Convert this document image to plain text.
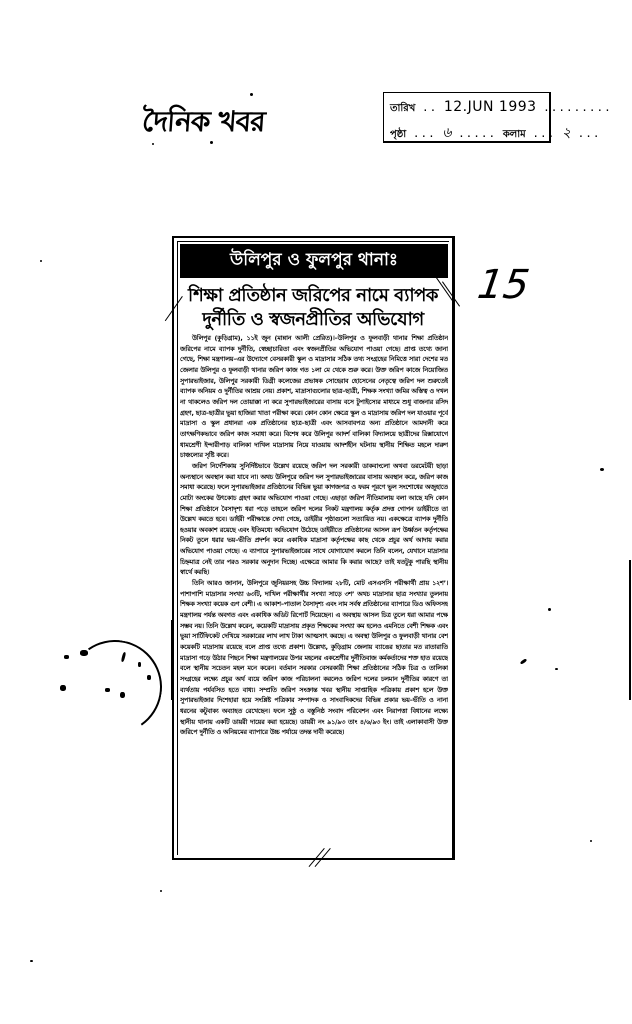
দৈনিক খবর	তারিখ .. 12.JUN 1993 .........
পৃষ্ঠা ... ৬ ..... কলাম ... ২ ...
15
উলিপুর ও ফুলপুর থানাঃ
শিক্ষা প্রতিষ্ঠান জরিপের নামে ব্যাপক
দুর্নীতি ও স্বজনপ্রীতির অভিযোগ

উলিপুর (কুড়িগ্রাম), ১১ই জুন (মান্নান আলী প্রেরিত)।–উলিপুর ও ফুলবাড়ী থানার শিক্ষা প্রতিষ্ঠান জরিপের নামে ব্যাপক দুর্নীতি, স্বেচ্ছাচারিতা এবং স্বজনপ্রীতির অভিযোগ পাওয়া গেছে। প্রাপ্ত তথ্যে জানা গেছে, শিক্ষা মন্ত্রণালয়–এর উদ্যোগে বেসরকারী স্কুল ও মাদ্রাসার সঠিক তথ্য সংগ্রহের নিমিত্তে সারা দেশের মত জেলার উলিপুর ও ফুলবাড়ী থানার জরিপ কাজ গত ১লা মে থেকে শুরু করে। উক্ত জরিপ কাজে নিয়োজিত সুপারভাইজার, উলিপুর সরকারী ডিগ্রী কলেজের প্রভাষক সোহেরাব হোসেনের নেতৃত্বে জরিপ দল শুরুতেই ব্যাপক অনিয়ম ও দুর্নীতির আশ্রয় নেয়। প্রকাশ, মাদ্রাসাগুলোর ছাত্র–ছাত্রী, শিক্ষক সংখ্যা জমির অস্তিত্ব ও দখল না থাকলেও জরিপ দল তোয়াক্কা না করে সুপারভাইজারের বাসায় বসে টুপাইস্যের মাধ্যমে শুধু বাজনার রসিদ গ্রহণ, ছাত্র–ছাত্রীর ভুয়া হাজিরা খাতা পরীক্ষা করে। কোন কোন ক্ষেত্রে স্কুল ও মাদ্রাসায় জরিপ দল যাওয়ার পূর্বে মাদ্রাসা ও স্কুল প্রধানরা এক প্রতিষ্ঠানের ছাত্র–ছাত্রী এবং আসবাবপত্র অন্য প্রতিষ্ঠানে আমদানী করে তাৎক্ষণিকভাবে জরিপ কাজ সমাধা করে। বিশেষ করে উলিপুর আদর্শ বালিকা বিদ্যালয়ে ছাত্রীদের রিক্সাযোগে ধামশ্রেণী ইন্দারীপাড় বালিকা দাখিল মাদ্রাসায় নিয়ে যাওয়ায় আদর্শহীন ঘটনায় স্থানীয় শিক্ষিত মহলে দারুণ চাঞ্চল্যের সৃষ্টি করে।

জরিপ নির্দেশিকায় সুনির্দিষ্টভাবে উল্লেখ রয়েছে জরিপ দল সরকারী ডাকবাংলো অথবা ডরমেটরী ছাড়া অন্যস্থানে অবস্থান করা যাবে না। অথচ উলিপুরে জরিপ দল সুপারভাইজারের বাসায় অবস্থান করে, জরিপ কাজ সমাধা করেছে। ফলে সুপারভাইজার প্রতিষ্ঠানের বিভিন্ন ভুয়া কাগজপত্র ও ফরম পূরণে ভুল সংশোধের অজুহাতে মোটা অংকের উৎকোচ গ্রহণ করার অভিযোগ পাওয়া গেছে। এছাড়া জরিপ নীতিমালায় বলা আছে যদি কোন শিক্ষা প্রতিষ্ঠানে বৈসাদৃশ্য ধরা পড়ে তাহলে জরিপ দলের নিকট মন্ত্রণালয় কর্তৃক প্রদত্ত গোপন ডাইরীতে তা উল্লেখ করতে হবে। ডাইরী পরীক্ষান্তে দেখা গেছে, ডাইরীর পৃষ্ঠাগুলো সত্যায়িত নয়। একক্ষেত্রে ব্যাপক দুর্নীতি হওয়ার অবকাশ রয়েছে এবং ইতিমধ্যে অভিযোগ উঠেছে ডাইরীতে প্রতিষ্ঠানের আসল রূপ উর্ধ্বতন কর্তৃপক্ষের নিকট তুলে ধরার ভয়–ভীতি প্রদর্শন করে একাধিক মাদ্রাসা কর্তৃপক্ষের কাছ থেকে প্রচুর অর্থ আদায় করার অভিযোগ পাওয়া গেছে। এ ব্যাপারে সুপারভাইজারের সাথে যোগাযোগ করলে তিনি বলেন, যেখানে মাদ্রাসার চিহ্নমাত্র নেই তার পরও সরকার অনুদান দিচ্ছে। এক্ষেত্রে আমার কি করার আছে? তাই যতটুকু পারছি স্থানীয় স্বার্থে করছি।

তিনি আরও জানান, উলিপুরে জুনিয়রসহ উচ্চ বিদ্যালয় ২৮টি, মোট এসএসসি পরীক্ষার্থী প্রায় ১২শ’। পাশাপাশি মাদ্রাসার সংখ্যা ৬৩টি, দাখিল পরীক্ষার্থীর সংখ্যা সাড়ে ৩শ’ অথচ মাদ্রাসার ছাত্র সংখ্যার তুলনায় শিক্ষক সংখ্যা কয়েক গুণ বেশী। এ আকাশ–পাতাল বৈসাদৃশ্য এবং নাম সর্বস্ব প্রতিষ্ঠানের ব্যাপারে ডিও অফিসসহ মন্ত্রণালয় পর্যন্ত অবগত এবং একাধিক অডিট রিপোর্ট দিয়েছেন। এ অবস্থায় আসল চিত্র তুলে ধরা আমার পক্ষে সম্ভব নয়। তিনি উল্লেখ করেন, কয়েকটি মাদ্রাসায় প্রকৃত শিক্ষকের সংখ্যা কম হলেও এমনিতে বেশী শিক্ষক এবং ভুয়া সার্টিফিকেট দেখিয়ে সরকারের লাখ লাখ টাকা আত্মসাৎ করছে। এ অবস্থা উলিপুর ও ফুলবাড়ী থানার বেশ কয়েকটি মাদ্রাসায় রয়েছে বলে প্রাপ্ত তথ্যে প্রকাশ। উল্লেখ্য, কুড়িগ্রাম জেলায় ব্যাঙের ছাতার মত রাতারাতি মাদ্রাসা গড়ে উঠার পিছনে শিক্ষা মন্ত্রণালয়ের উপর মহলের একশ্রেণীর দুর্নীতিবাজ কর্মকর্তাদের শক্ত হাত রয়েছে বলে স্থানীয় সচেতন মহল মনে করেন। বর্তমান সরকার বেসরকারী শিক্ষা প্রতিষ্ঠানের সঠিক চিত্র ও তালিকা সংগ্রহের লক্ষ্যে প্রচুর অর্থ ব্যয়ে জরিপ কাজ পরিচালনা করলেও জরিপ দলের চলমান দুর্নীতির কারণে তা ব্যর্থতায় পর্যবসিত হতে বাধ্য। সম্প্রতি জরিপ সংক্রান্ত খবর স্থানীয় সাপ্তাহিক পত্রিকায় প্রকাশ হলে উক্ত সুপারভাইজার দিশেহারা হয়ে সংশ্লিষ্ট পত্রিকার সম্পাদক ও সাংবাদিকদের বিভিন্ন প্রকার ভয়–ভীতি ও নানা ধরনের কটুবাক্য অব্যাহত রেখেছেন। ফলে সুষ্ঠু ও বস্তুনিষ্ঠ সংবাদ পরিবেশন এবং নিরাপত্তা বিধানের লক্ষ্যে স্থানীয় থানায় একটি ডায়রী দায়ের করা হয়েছে। ডায়রী নং ৯১/৯৩ তাং ৪/৬/৯৩ ইং। তাই এলাকাবাসী উক্ত জরিপে দুর্নীতি ও অনিয়মের ব্যাপারে উচ্চ পর্যায়ে তদন্ত দাবী করেছে।
